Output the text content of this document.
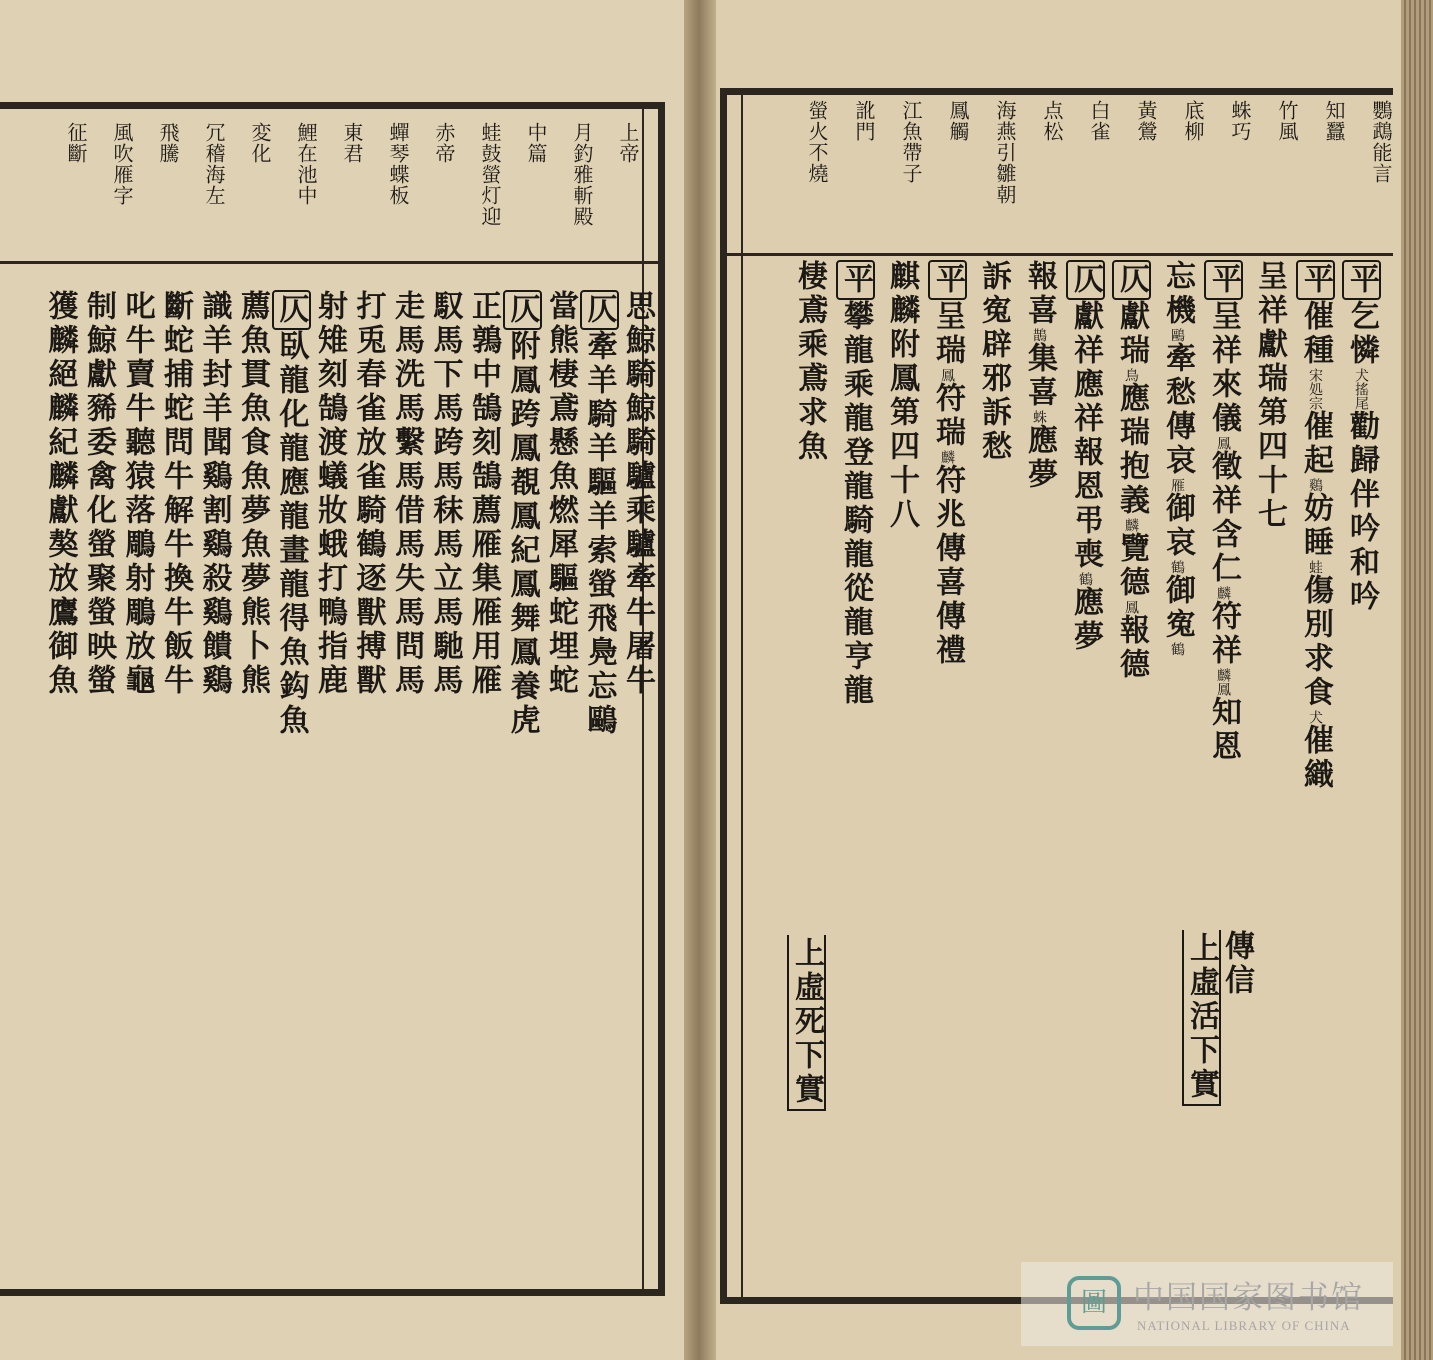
上帝
月釣雅斬殿
中篇
蛙鼓螢灯迎
赤帝
蟬琴蝶板
東君
鯉在池中
変化
冗稽海左
飛騰
風吹雁字
征斷
思鯨騎鯨騎驢乘驢牽牛屠牛
仄牽羊騎羊驅羊索螢飛鳧忘鷗
當熊棲鳶懸魚燃犀驅蛇埋蛇
仄附鳳跨鳳覩鳳紀鳳舞鳳養虎
正鶉中鵠刻鵠薦雁集雁用雁
馭馬下馬跨馬秣馬立馬馳馬
走馬洗馬繫馬借馬失馬問馬
打兎春雀放雀騎鶴逐獸搏獸
射雉刻鵠渡蟻妝蛾打鴨指鹿
仄臥龍化龍應龍畫龍得魚鈎魚
薦魚貫魚食魚夢魚夢熊卜熊
識羊封羊聞鷄割鷄殺鷄饋鷄
斷蛇捕蛇問牛解牛換牛飯牛
叱牛賣牛聽猿落鵰射鵰放龜
制鯨獻豨委禽化螢聚螢映螢
獲麟絕麟紀麟獻獒放鷹御魚
鸚鵡能言
知蠶
竹風
蛛巧
底柳
黃鶯
白雀
点松
海燕引雛朝
鳳觸
江魚帶子
訛門
螢火不燒
平乞憐犬搖尾勸歸伴吟和吟
平催種宋処宗催起鷄妨睡蛙傷別求食犬催織
呈祥獻瑞第四十七
平呈祥來儀鳳徵祥含仁麟符祥麟鳳知恩
忘機鷗牽愁傳哀雁御哀鶴御寃鶴
仄獻瑞鳥應瑞抱義麟覽德鳳報德
仄獻祥應祥報恩弔喪鶴應夢
報喜鵲集喜蛛應夢
訴寃辟邪訴愁
平呈瑞鳳符瑞麟符兆傳喜傳禮
麒麟附鳳第四十八
平攀龍乘龍登龍騎龍從龍亨龍
棲鳶乘鳶求魚
上虛活下實
上虛死下實	傳信
圖 中国国家图书馆
NATIONAL LIBRARY OF CHINA
